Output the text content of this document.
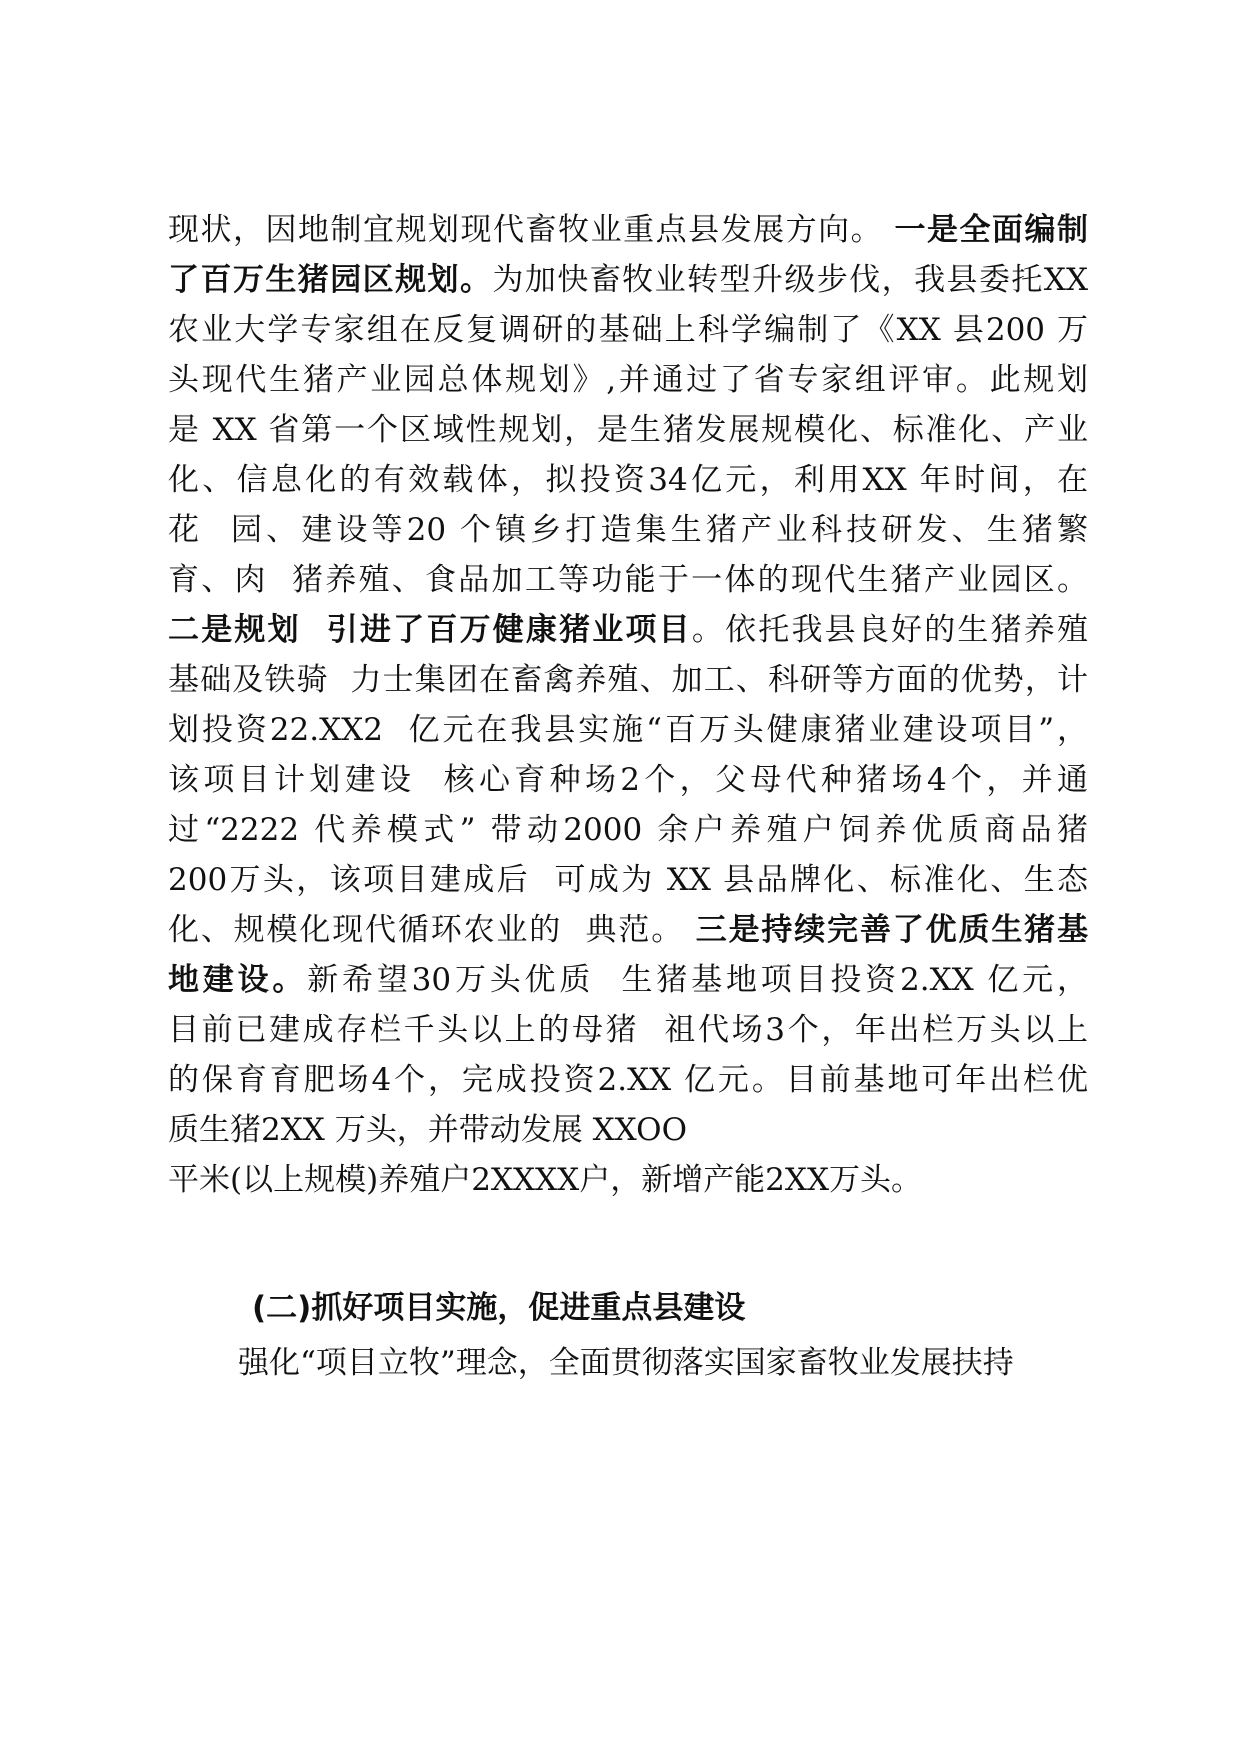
现状，因地制宜规划现代畜牧业重点县发展方向。 一是全面编制
了百万生猪园区规划。为加快畜牧业转型升级步伐，我县委托XX
农业大学专家组在反复调研的基础上科学编制了《XX 县200 万
头现代生猪产业园总体规划》,并通过了省专家组评审。此规划
是 XX 省第一个区域性规划，是生猪发展规模化、标准化、产业
化、信息化的有效载体，拟投资34亿元，利用XX 年时间，在
花  园、建设等20 个镇乡打造集生猪产业科技研发、生猪繁
育、肉  猪养殖、食品加工等功能于一体的现代生猪产业园区。
二是规划  引进了百万健康猪业项目。依托我县良好的生猪养殖
基础及铁骑  力士集团在畜禽养殖、加工、科研等方面的优势，计
划投资22.XX2  亿元在我县实施“百万头健康猪业建设项目”，
该项目计划建设  核心育种场2个，父母代种猪场4个，并通
过“2222 代养模式” 带动2000 余户养殖户饲养优质商品猪
200万头，该项目建成后  可成为 XX 县品牌化、标准化、生态
化、规模化现代循环农业的  典范。 三是持续完善了优质生猪基
地建设。新希望30万头优质  生猪基地项目投资2.XX 亿元，
目前已建成存栏千头以上的母猪  祖代场3个，年出栏万头以上
的保育育肥场4个，完成投资2.XX 亿元。目前基地可年出栏优
质生猪2XX 万头，并带动发展 XXOO
平米(以上规模)养殖户2XXXX户，新增产能2XX万头。
(二)抓好项目实施，促进重点县建设
强化“项目立牧”理念，全面贯彻落实国家畜牧业发展扶持
